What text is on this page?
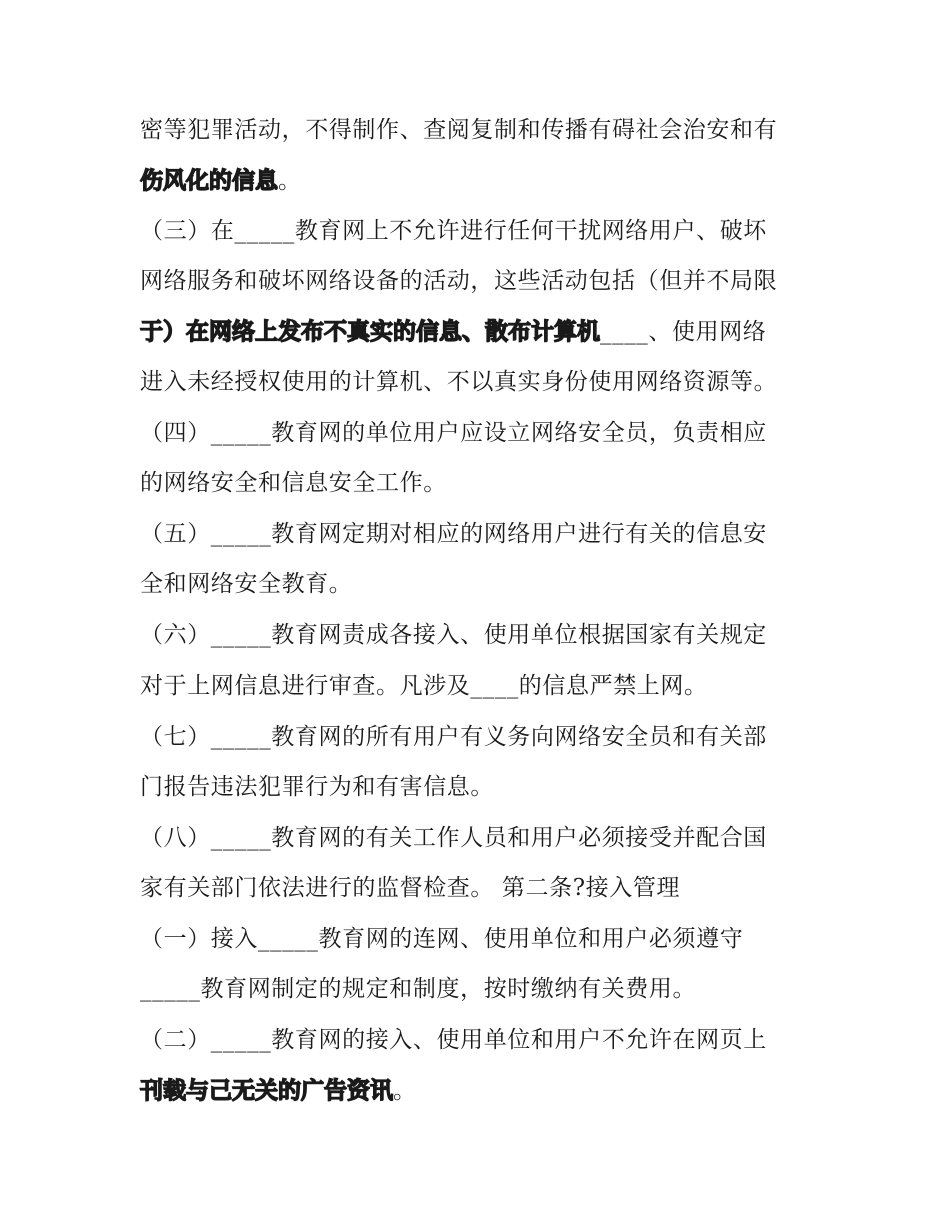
密等犯罪活动，不得制作、查阅复制和传播有碍社会治安和有
伤风化的信息。
（三）在_____教育网上不允许进行任何干扰网络用户、破坏
网络服务和破坏网络设备的活动，这些活动包括（但并不局限
于）在网络上发布不真实的信息、散布计算机____、使用网络
进入未经授权使用的计算机、不以真实身份使用网络资源等。
（四）_____教育网的单位用户应设立网络安全员，负责相应
的网络安全和信息安全工作。
（五）_____教育网定期对相应的网络用户进行有关的信息安
全和网络安全教育。
（六）_____教育网责成各接入、使用单位根据国家有关规定
对于上网信息进行审查。凡涉及____的信息严禁上网。
（七）_____教育网的所有用户有义务向网络安全员和有关部
门报告违法犯罪行为和有害信息。
（八）_____教育网的有关工作人员和用户必须接受并配合国
家有关部门依法进行的监督检查。 第二条?接入管理
（一）接入_____教育网的连网、使用单位和用户必须遵守
_____教育网制定的规定和制度，按时缴纳有关费用。
（二）_____教育网的接入、使用单位和用户不允许在网页上
刊载与己无关的广告资讯。
